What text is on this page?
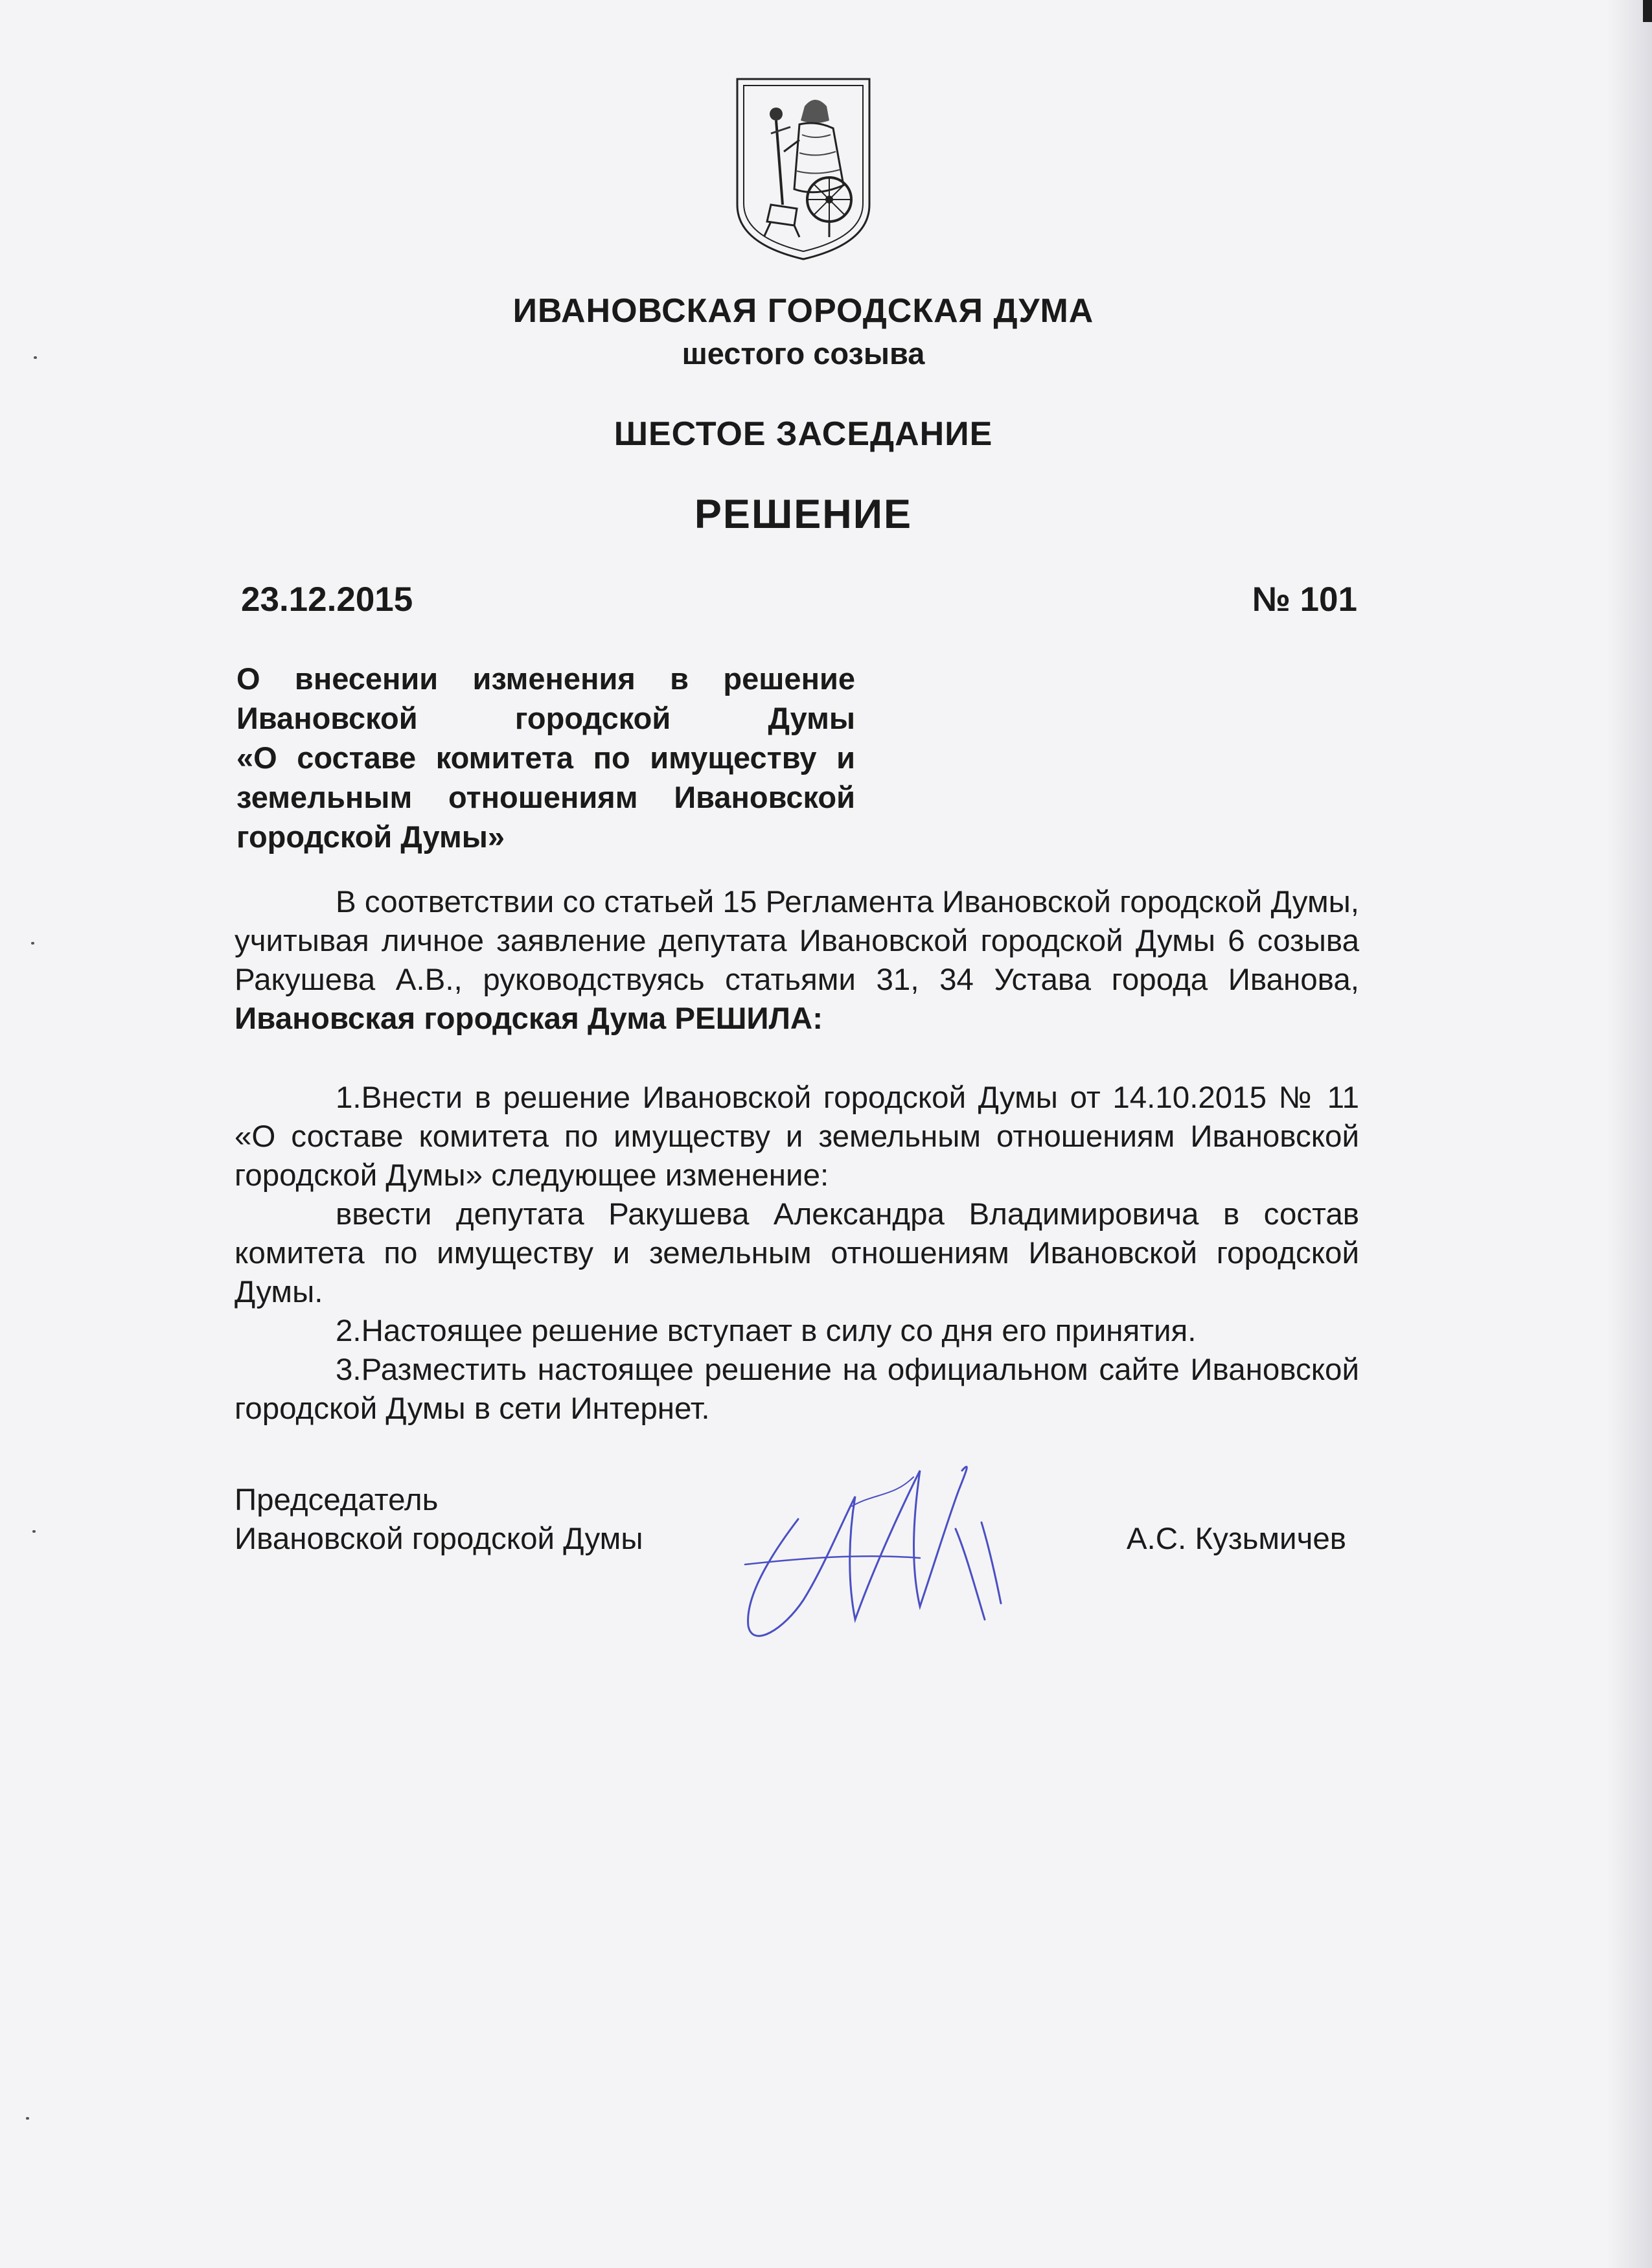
ИВАНОВСКАЯ ГОРОДСКАЯ ДУМА
шестого созыва
ШЕСТОЕ ЗАСЕДАНИЕ
РЕШЕНИЕ
23.12.2015	№ 101
О внесении изменения в решение
Ивановской городской Думы
«О составе комитета по имуществу и
земельным отношениям Ивановской
городской Думы»

В соответствии со статьей 15 Регламента Ивановской городской Думы, учитывая личное заявление депутата Ивановской городской Думы 6 созыва Ракушева А.В., руководствуясь статьями 31, 34 Устава города Иванова, Ивановская городская Дума РЕШИЛА:

1.Внести в решение Ивановской городской Думы от 14.10.2015 № 11 «О составе комитета по имуществу и земельным отношениям Ивановской городской Думы» следующее изменение:

ввести депутата Ракушева Александра Владимировича в состав комитета по имуществу и земельным отношениям Ивановской городской Думы.

2.Настоящее решение вступает в силу со дня его принятия.

3.Разместить настоящее решение на официальном сайте Ивановской городской Думы в сети Интернет.

Председатель
Ивановской городской Думы	А.С. Кузьмичев
